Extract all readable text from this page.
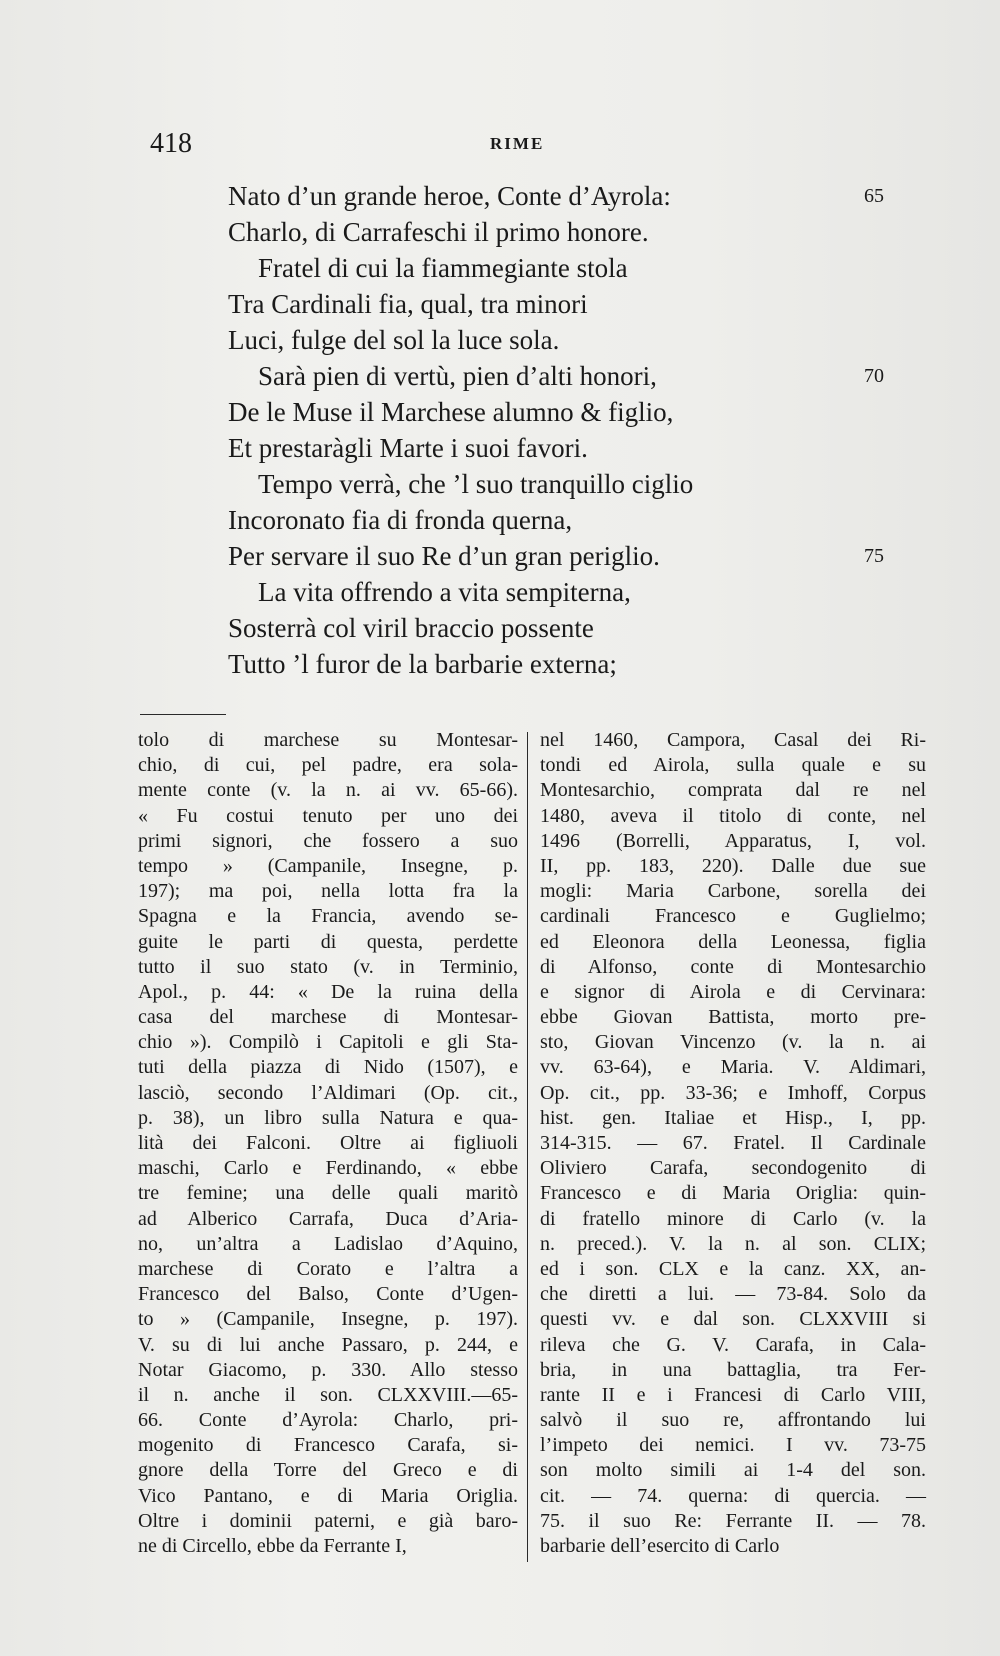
418	RIME
Nato d’un grande heroe, Conte d’Ayrola:	65
Charlo, di Carrafeschi il primo honore.
Fratel di cui la fiammegiante stola
Tra Cardinali fia, qual, tra minori
Luci, fulge del sol la luce sola.
Sarà pien di vertù, pien d’alti honori,	70
De le Muse il Marchese alumno & figlio,
Et prestaràgli Marte i suoi favori.
Tempo verrà, che ’l suo tranquillo ciglio
Incoronato fia di fronda querna,
Per servare il suo Re d’un gran periglio.	75
La vita offrendo a vita sempiterna,
Sosterrà col viril braccio possente
Tutto ’l furor de la barbarie externa;
tolo di marchese su Montesar-
chio, di cui, pel padre, era sola-
mente conte (v. la n. ai vv. 65-66).
« Fu costui tenuto per uno dei
primi signori, che fossero a suo
tempo » (Campanile, Insegne, p.
197); ma poi, nella lotta fra la
Spagna e la Francia, avendo se-
guite le parti di questa, perdette
tutto il suo stato (v. in Terminio,
Apol., p. 44: « De la ruina della
casa del marchese di Montesar-
chio »). Compilò i Capitoli e gli Sta-
tuti della piazza di Nido (1507), e
lasciò, secondo l’Aldimari (Op. cit.,
p. 38), un libro sulla Natura e qua-
lità dei Falconi. Oltre ai figliuoli
maschi, Carlo e Ferdinando, « ebbe
tre femine; una delle quali maritò
ad Alberico Carrafa, Duca d’Aria-
no, un’altra a Ladislao d’Aquino,
marchese di Corato e l’altra a
Francesco del Balso, Conte d’Ugen-
to » (Campanile, Insegne, p. 197).
V. su di lui anche Passaro, p. 244, e
Notar Giacomo, p. 330. Allo stesso
il n. anche il son. CLXXVIII.—65-
66. Conte d’Ayrola: Charlo, pri-
mogenito di Francesco Carafa, si-
gnore della Torre del Greco e di
Vico Pantano, e di Maria Origlia.
Oltre i dominii paterni, e già baro-
ne di Circello, ebbe da Ferrante I,
nel 1460, Campora, Casal dei Ri-
tondi ed Airola, sulla quale e su
Montesarchio, comprata dal re nel
1480, aveva il titolo di conte, nel
1496 (Borrelli, Apparatus, I, vol.
II, pp. 183, 220). Dalle due sue
mogli: Maria Carbone, sorella dei
cardinali Francesco e Guglielmo;
ed Eleonora della Leonessa, figlia
di Alfonso, conte di Montesarchio
e signor di Airola e di Cervinara:
ebbe Giovan Battista, morto pre-
sto, Giovan Vincenzo (v. la n. ai
vv. 63-64), e Maria. V. Aldimari,
Op. cit., pp. 33-36; e Imhoff, Corpus
hist. gen. Italiae et Hisp., I, pp.
314-315. — 67. Fratel. Il Cardinale
Oliviero Carafa, secondogenito di
Francesco e di Maria Origlia: quin-
di fratello minore di Carlo (v. la
n. preced.). V. la n. al son. CLIX;
ed i son. CLX e la canz. XX, an-
che diretti a lui. — 73-84. Solo da
questi vv. e dal son. CLXXVIII si
rileva che G. V. Carafa, in Cala-
bria, in una battaglia, tra Fer-
rante II e i Francesi di Carlo VIII,
salvò il suo re, affrontando lui
l’impeto dei nemici. I vv. 73-75
son molto simili ai 1-4 del son.
cit. — 74. querna: di quercia. —
75. il suo Re: Ferrante II. — 78.
barbarie dell’esercito di Carlo
